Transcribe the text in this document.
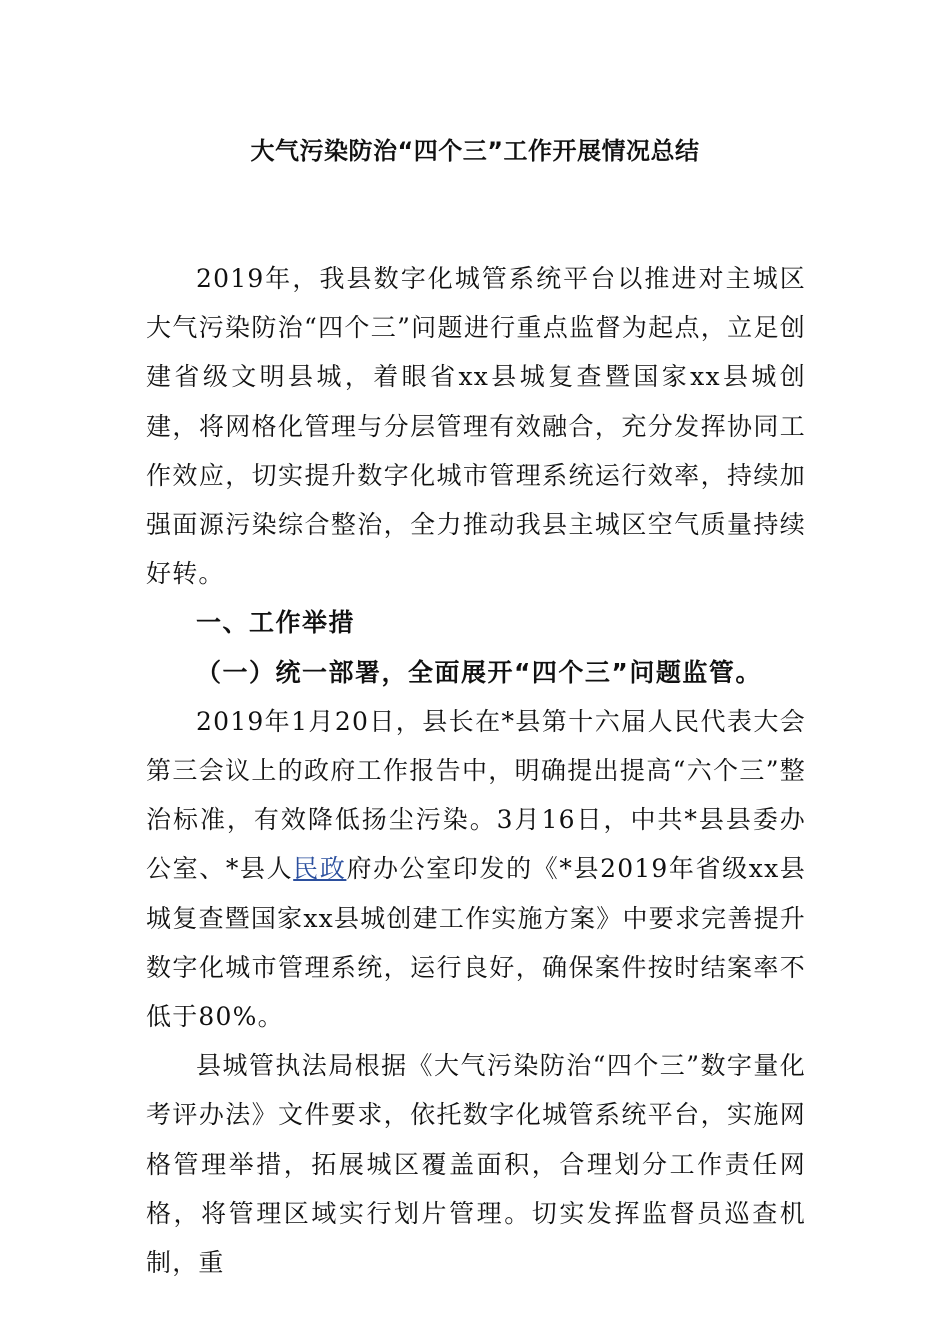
大气污染防治“四个三”工作开展情况总结

2019年，我县数字化城管系统平台以推进对主城区大气污染防治“四个三”问题进行重点监督为起点，立足创建省级文明县城，着眼省xx县城复查暨国家xx县城创建，将网格化管理与分层管理有效融合，充分发挥协同工作效应，切实提升数字化城市管理系统运行效率，持续加强面源污染综合整治，全力推动我县主城区空气质量持续好转。

一、工作举措

（一）统一部署，全面展开“四个三”问题监管。

2019年1月20日，县长在*县第十六届人民代表大会第三会议上的政府工作报告中，明确提出提高“六个三”整治标准，有效降低扬尘污染。3月16日，中共*县县委办公室、*县人民政府办公室印发的《*县2019年省级xx县城复查暨国家xx县城创建工作实施方案》中要求完善提升数字化城市管理系统，运行良好，确保案件按时结案率不低于80%。

县城管执法局根据《大气污染防治“四个三”数字量化考评办法》文件要求，依托数字化城管系统平台，实施网格管理举措，拓展城区覆盖面积，合理划分工作责任网格，将管理区域实行划片管理。切实发挥监督员巡查机制，重
